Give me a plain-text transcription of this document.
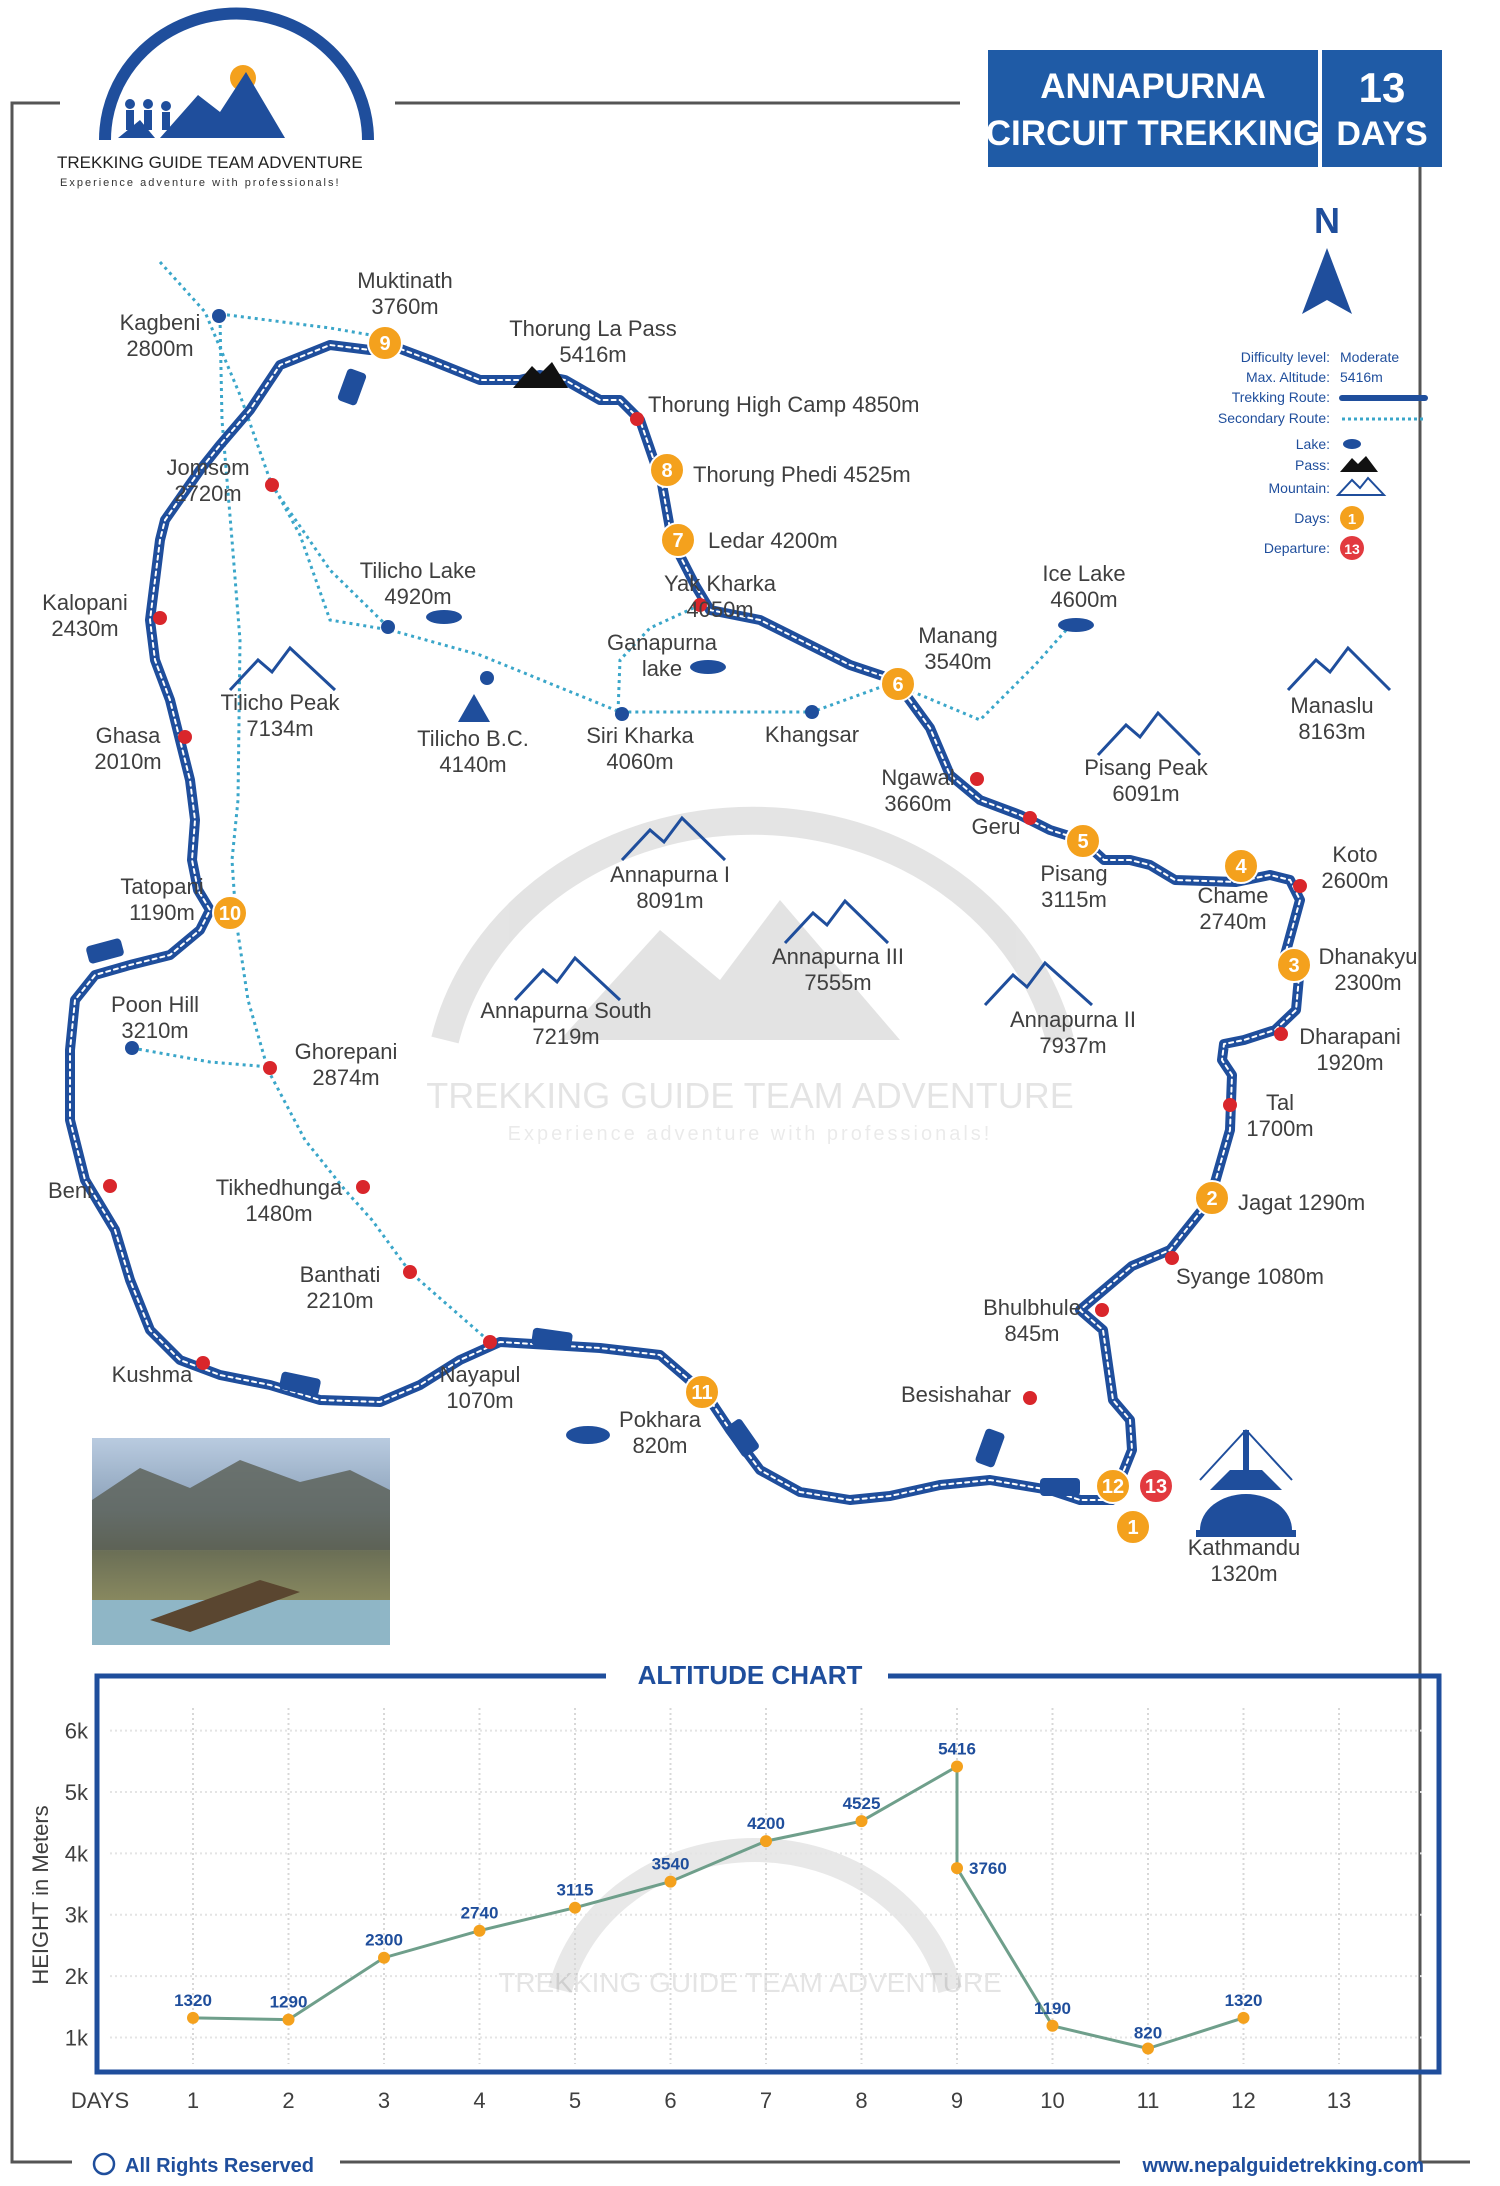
TREKKING GUIDE TEAM ADVENTURE
Experience adventure with professionals!
ANNAPURNA
CIRCUIT TREKKING
13
DAYS
N
Difficulty level: Moderate
Max. Altitude: 5416m
Trekking Route:
Secondary Route:
Lake:
Pass:
Mountain:
Days: 1
Departure: 13
TREKKING GUIDE TEAM ADVENTURE
Experience adventure with professionals!
1
2
3
4
5
6
7
8
9
10
11
12 13
Muktinath
3760m
Thorung La Pass
5416m
Thorung High Camp 4850m
Thorung Phedi 4525m
Ledar 4200m
Yak Kharka
4050m
Kagbeni
2800m
Jomsom
2720m
Kalopani
2430m
Tilicho Lake
4920m
Ganapurna
lake
Ice Lake
4600m
Manang
3540m
Tilicho Peak
7134m
Manaslu
8163m
Ghasa
2010m
Tilicho B.C.
4140m
Siri Kharka
4060m
Khangsar
Ngawal
3660m
Pisang Peak
6091m
Geru
Pisang
3115m	Chame
2740m
Koto
2600m
Annapurna I
8091m
Tatopani
1190m
Annapurna III
7555m
Dhanakyu
2300m
Annapurna South
7219m
Annapurna II
7937m
Poon Hill
3210m
Ghorepani
2874m
Dharapani
1920m
Tal
1700m
Beni	Tikhedhunga
1480m	Jagat 1290m
Banthati
2210m
Syange 1080m
Bhulbhule
845m
Kushma	Nayapul
1070m
Pokhara
820m
Besishahar
Kathmandu
1320m
ALTITUDE CHART
TREKKING GUIDE TEAM ADVENTURE
1	2	3	4	5	6	7	8	9	10	11	12	13
1k
2k
3k
4k
5k
6k
DAYS
HEIGHT in Meters
1320	1290
2300
2740
3115
3540
4200
4525
5416
3760
1190
820
1320
All Rights Reserved	www.nepalguidetrekking.com
